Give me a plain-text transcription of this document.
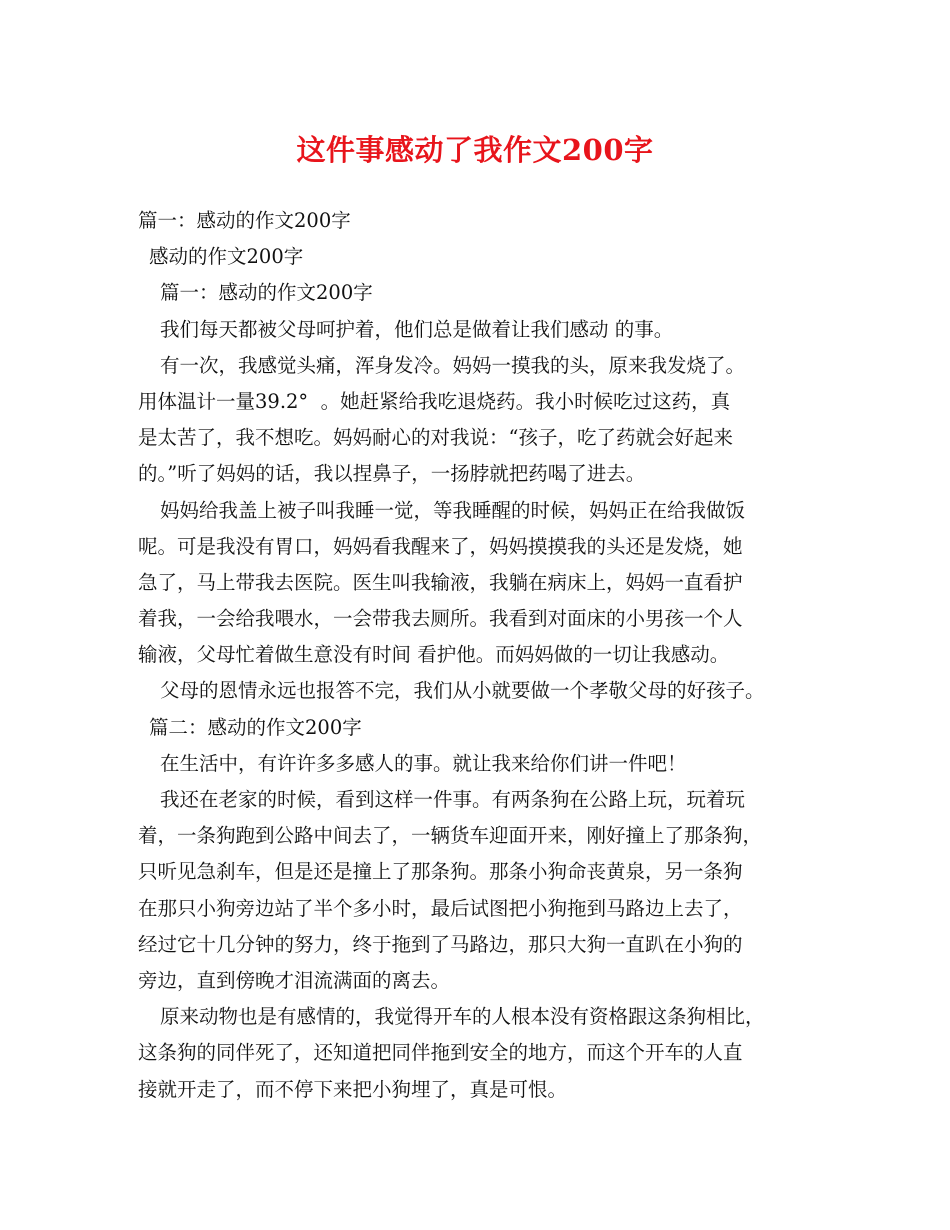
这件事感动了我作文200字
篇一：感动的作文200字
感动的作文200字
篇一：感动的作文200字
我们每天都被父母呵护着，他们总是做着让我们感动 的事。
有一次，我感觉头痛，浑身发冷。妈妈一摸我的头，原来我发烧了。
用体温计一量39.2°  。她赶紧给我吃退烧药。我小时候吃过这药，真
是太苦了，我不想吃。妈妈耐心的对我说：“孩子，吃了药就会好起来
的。”听了妈妈的话，我以捏鼻子，一扬脖就把药喝了进去。
妈妈给我盖上被子叫我睡一觉，等我睡醒的时候，妈妈正在给我做饭
呢。可是我没有胃口，妈妈看我醒来了，妈妈摸摸我的头还是发烧，她
急了，马上带我去医院。医生叫我输液，我躺在病床上，妈妈一直看护
着我，一会给我喂水，一会带我去厕所。我看到对面床的小男孩一个人
输液，父母忙着做生意没有时间 看护他。而妈妈做的一切让我感动。
父母的恩情永远也报答不完，我们从小就要做一个孝敬父母的好孩子。
篇二：感动的作文200字
在生活中，有许许多多感人的事。就让我来给你们讲一件吧！
我还在老家的时候，看到这样一件事。有两条狗在公路上玩，玩着玩
着，一条狗跑到公路中间去了，一辆货车迎面开来，刚好撞上了那条狗，
只听见急刹车，但是还是撞上了那条狗。那条小狗命丧黄泉，另一条狗
在那只小狗旁边站了半个多小时，最后试图把小狗拖到马路边上去了，
经过它十几分钟的努力，终于拖到了马路边，那只大狗一直趴在小狗的
旁边，直到傍晚才泪流满面的离去。
原来动物也是有感情的，我觉得开车的人根本没有资格跟这条狗相比，
这条狗的同伴死了，还知道把同伴拖到安全的地方，而这个开车的人直
接就开走了，而不停下来把小狗埋了，真是可恨。
